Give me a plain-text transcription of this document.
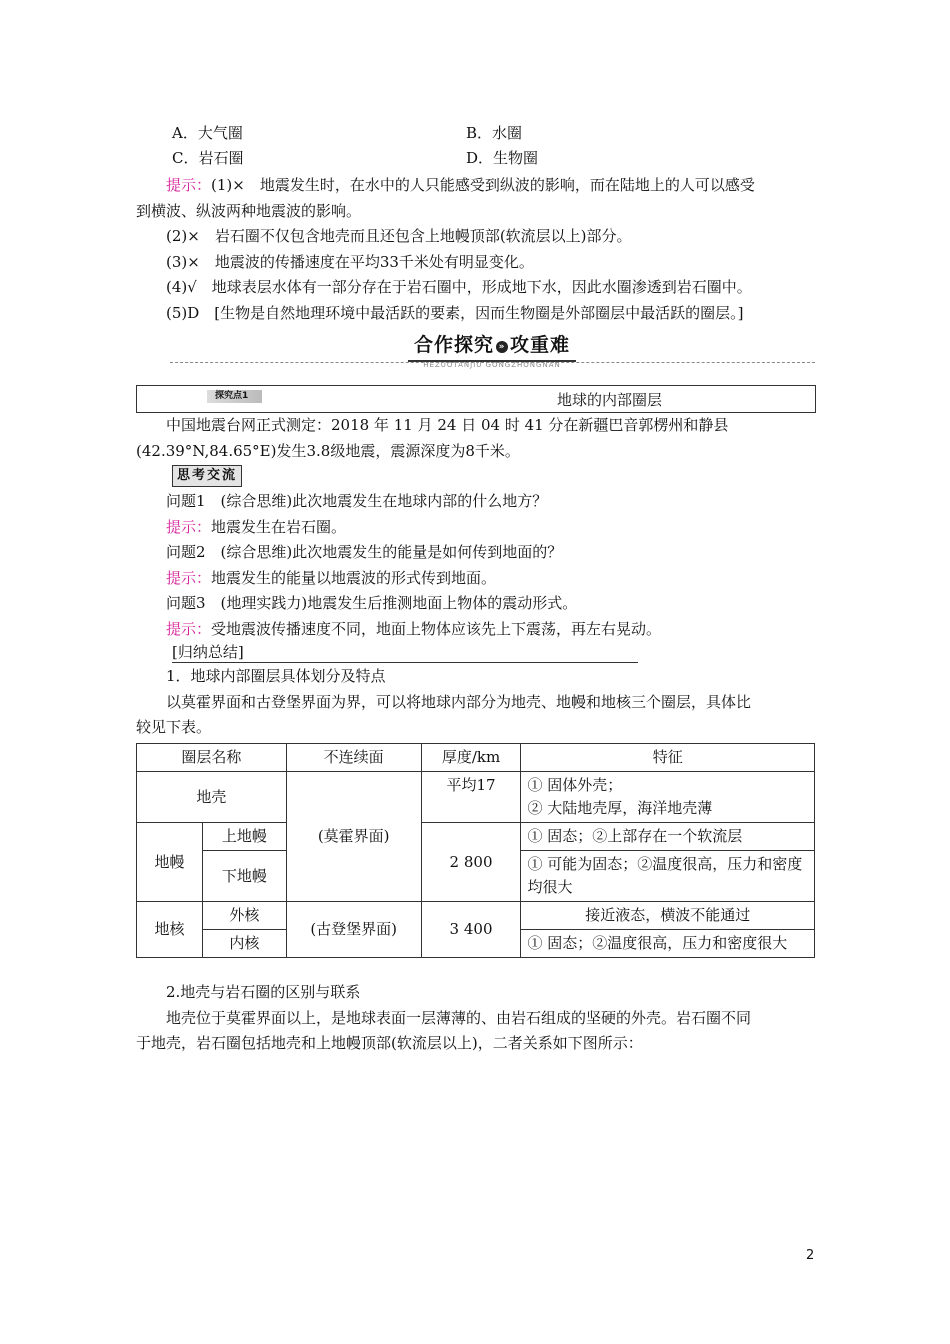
A．大气圈	B．水圈
C．岩石圈	D．生物圈

提示：(1)×　地震发生时，在水中的人只能感受到纵波的影响，而在陆地上的人可以感受

到横波、纵波两种地震波的影响。

(2)×　岩石圈不仅包含地壳而且还包含上地幔顶部(软流层以上)部分。

(3)×　地震波的传播速度在平均33千米处有明显变化。

(4)√　地球表层水体有一部分存在于岩石圈中，形成地下水，因此水圈渗透到岩石圈中。

(5)D　[生物是自然地理环境中最活跃的要素，因而生物圈是外部圈层中最活跃的圈层。]

合作探究 » 攻重难
HEZUOTANJIU GONGZHONGNAN
探究点1	地球的内部圈层

中国地震台网正式测定：2018 年 11 月 24 日 04 时 41 分在新疆巴音郭楞州和静县

(42.39°N,84.65°E)发生3.8级地震，震源深度为8千米。

思考交流

问题1　(综合思维)此次地震发生在地球内部的什么地方？

提示：地震发生在岩石圈。

问题2　(综合思维)此次地震发生的能量是如何传到地面的？

提示：地震发生的能量以地震波的形式传到地面。

问题3　(地理实践力)地震发生后推测地面上物体的震动形式。

提示：受地震波传播速度不同，地面上物体应该先上下震荡，再左右晃动。

[归纳总结]

1．地球内部圈层具体划分及特点

以莫霍界面和古登堡界面为界，可以将地球内部分为地壳、地幔和地核三个圈层，具体比

较见下表。

圈层名称		不连续面	厚度/km	特征
地壳		(莫霍界面)	平均17	① 固体外壳；
② 大陆地壳厚，海洋地壳薄

地幔	上地幔		2 800	① 固态；②上部存在一个软流层
	下地幔			① 可能为固态；②温度很高，压力和密度均很大
地核	外核	(古登堡界面)	3 400	接近液态，横波不能通过
	内核			① 固态；②温度很高，压力和密度很大

2.地壳与岩石圈的区别与联系

地壳位于莫霍界面以上，是地球表面一层薄薄的、由岩石组成的坚硬的外壳。岩石圈不同

于地壳，岩石圈包括地壳和上地幔顶部(软流层以上)，二者关系如下图所示：

2
